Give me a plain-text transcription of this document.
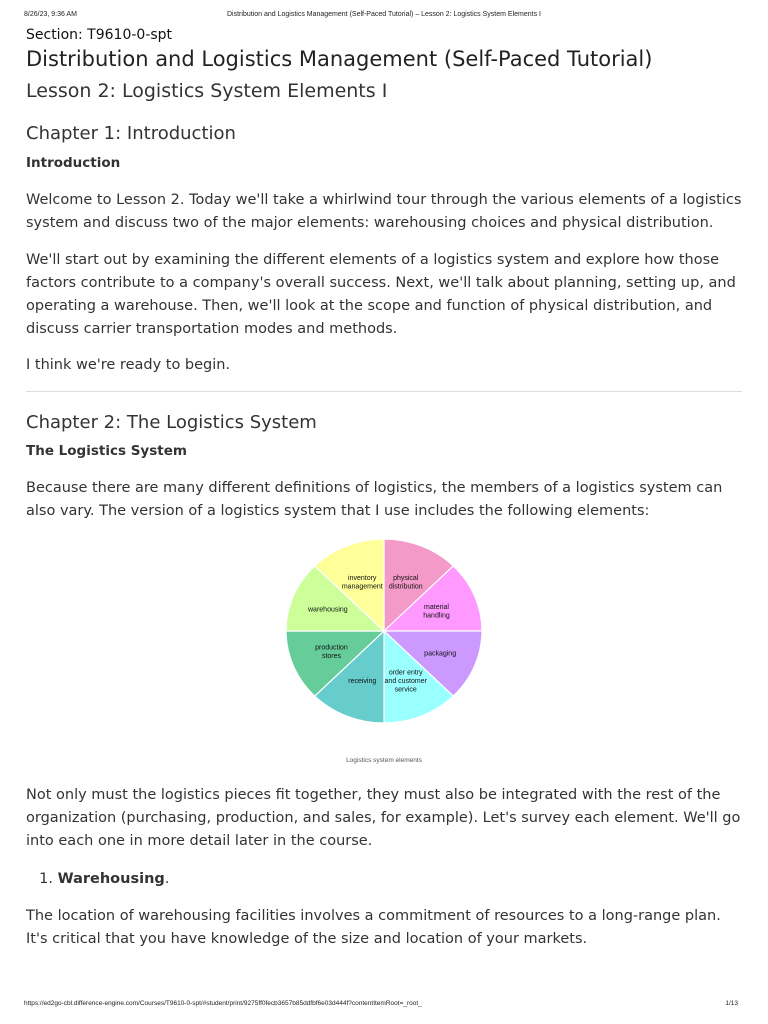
8/26/23, 9:36 AM	Distribution and Logistics Management (Self-Paced Tutorial) – Lesson 2: Logistics System Elements I
Section: T9610-0-spt
Distribution and Logistics Management (Self-Paced Tutorial)
Lesson 2: Logistics System Elements I
Chapter 1: Introduction
Introduction

Welcome to Lesson 2. Today we'll take a whirlwind tour through the various elements of a logistics system and discuss two of the major elements: warehousing choices and physical distribution.

We'll start out by examining the different elements of a logistics system and explore how those factors contribute to a company's overall success. Next, we'll talk about planning, setting up, and operating a warehouse. Then, we'll look at the scope and function of physical distribution, and discuss carrier transportation modes and methods.

I think we're ready to begin.

Chapter 2: The Logistics System
The Logistics System

Because there are many different definitions of logistics, the members of a logistics system can also vary. The version of a logistics system that I use includes the following elements:

physical distribution
material handling
packaging
order entry and customer service
receiving
production stores
warehousing
inventory management
Logistics system elements

Not only must the logistics pieces fit together, they must also be integrated with the rest of the organization (purchasing, production, and sales, for example). Let's survey each element. We'll go into each one in more detail later in the course.

1. Warehousing.

The location of warehousing facilities involves a commitment of resources to a long-range plan. It's critical that you have knowledge of the size and location of your markets.

https://ed2go-cbl.difference-engine.com/Courses/T9610-0-spt/#student/print/9275ff0fecb3657b85ddfbf6e03d444f?contentItemRoot=_root_	1/13
